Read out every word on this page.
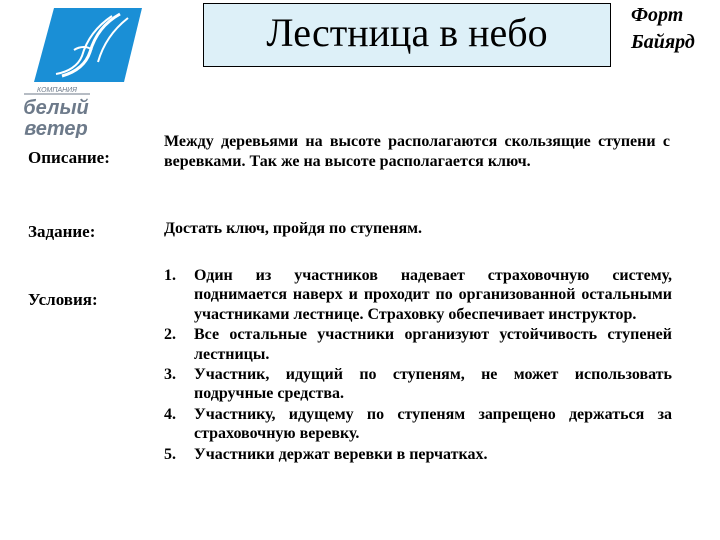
КОМПАНИЯ
белый
ветер
Лестница в небо	Форт
Байярд
Описание:
Между деревьями на высоте располагаются скользящие ступени с веревками. Так же на высоте располагается ключ.
Задание:	Достать ключ, пройдя по ступеням.
Условия:
1. Один из участников надевает страховочную систему, поднимается наверх и проходит по организованной остальными участниками лестнице. Страховку обеспечивает инструктор.
2. Все остальные участники организуют устойчивость ступеней лестницы.
3. Участник, идущий по ступеням, не может использовать подручные средства.
4. Участнику, идущему по ступеням запрещено держаться за страховочную веревку.
5. Участники держат веревки в перчатках.
